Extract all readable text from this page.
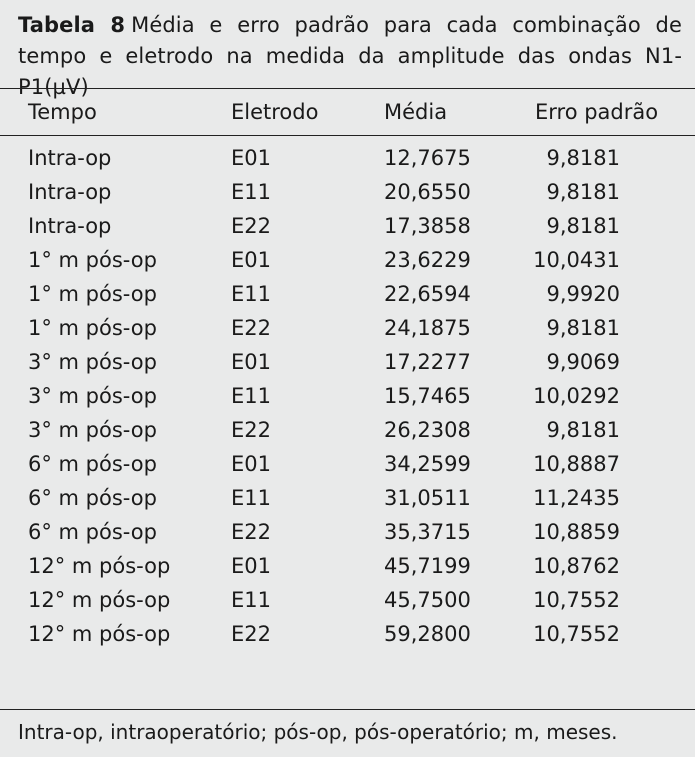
Tabela 8 Média e erro padrão para cada combinação de tempo e eletrodo na medida da amplitude das ondas N1-P1(µV)
Tempo	Eletrodo	Média	Erro padrão
Intra-op	E01	12,7675	9,8181
Intra-op	E11	20,6550	9,8181
Intra-op	E22	17,3858	9,8181
1° m pós-op	E01	23,6229	10,0431
1° m pós-op	E11	22,6594	9,9920
1° m pós-op	E22	24,1875	9,8181
3° m pós-op	E01	17,2277	9,9069
3° m pós-op	E11	15,7465	10,0292
3° m pós-op	E22	26,2308	9,8181
6° m pós-op	E01	34,2599	10,8887
6° m pós-op	E11	31,0511	11,2435
6° m pós-op	E22	35,3715	10,8859
12° m pós-op	E01	45,7199	10,8762
12° m pós-op	E11	45,7500	10,7552
12° m pós-op	E22	59,2800	10,7552
Intra-op, intraoperatório; pós-op, pós-operatório; m, meses.
